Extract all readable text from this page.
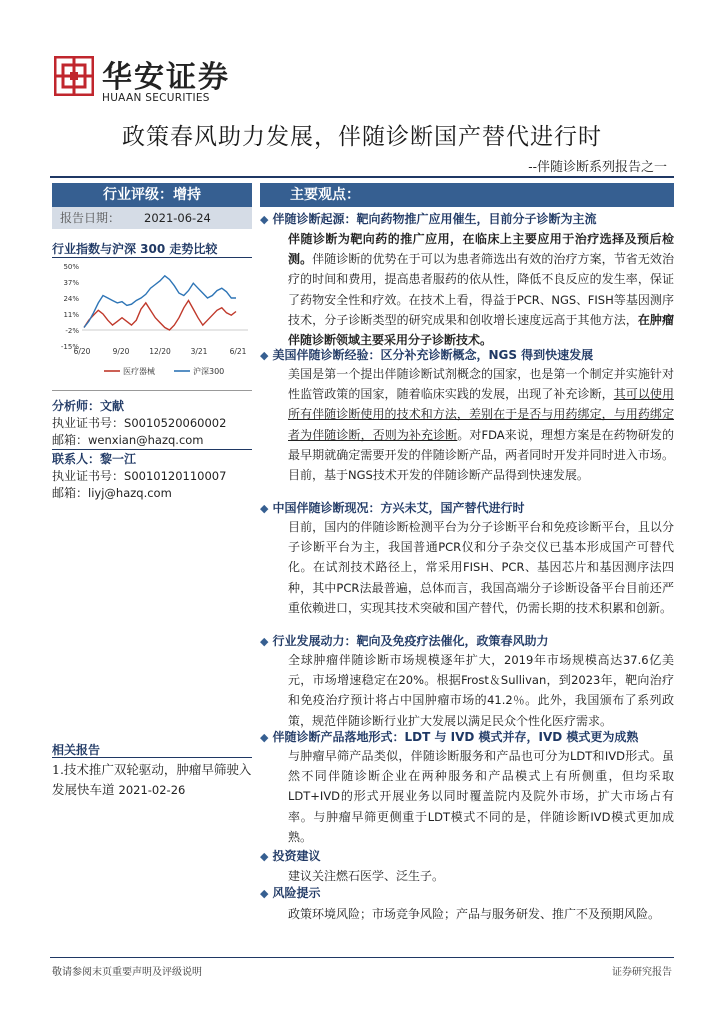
华安证券
HUAAN SECURITIES
政策春风助力发展，伴随诊断国产替代进行时
--伴随诊断系列报告之一
行业评级：增持
报告日期： 2021-06-24
行业指数与沪深 300 走势比较
50%
37%
24%
11%
-2%
-15%
6/20	9/20	12/20	3/21	6/21
医疗器械	沪深300
分析师：文献
执业证书号：S0010520060002
邮箱：wenxian@hazq.com
联系人：黎一江
执业证书号：S0010120110007
邮箱：liyj@hazq.com
相关报告
1.技术推广双轮驱动，肿瘤早筛驶入发展快车道 2021-02-26
主要观点：
◆ 伴随诊断起源：靶向药物推广应用催生，目前分子诊断为主流
伴随诊断为靶向药的推广应用，在临床上主要应用于治疗选择及预后检测。伴随诊断的优势在于可以为患者筛选出有效的治疗方案，节省无效治疗的时间和费用，提高患者服药的依从性，降低不良反应的发生率，保证了药物安全性和疗效。在技术上看，得益于PCR、NGS、FISH等基因测序技术，分子诊断类型的研究成果和创收增长速度远高于其他方法，在肿瘤伴随诊断领域主要采用分子诊断技术。
◆ 美国伴随诊断经验：区分补充诊断概念，NGS 得到快速发展
美国是第一个提出伴随诊断试剂概念的国家，也是第一个制定并实施针对性监管政策的国家，随着临床实践的发展，出现了补充诊断，其可以使用所有伴随诊断使用的技术和方法，差别在于是否与用药绑定，与用药绑定者为伴随诊断，否则为补充诊断。对FDA来说，理想方案是在药物研发的最早期就确定需要开发的伴随诊断产品，两者同时开发并同时进入市场。目前，基于NGS技术开发的伴随诊断产品得到快速发展。
◆ 中国伴随诊断现况：方兴未艾，国产替代进行时
目前，国内的伴随诊断检测平台为分子诊断平台和免疫诊断平台，且以分子诊断平台为主，我国普通PCR仪和分子杂交仪已基本形成国产可替代化。在试剂技术路径上，常采用FISH、PCR、基因芯片和基因测序法四种，其中PCR法最普遍，总体而言，我国高端分子诊断设备平台目前还严重依赖进口，实现其技术突破和国产替代，仍需长期的技术积累和创新。
◆ 行业发展动力：靶向及免疫疗法催化，政策春风助力
全球肿瘤伴随诊断市场规模逐年扩大，2019年市场规模高达37.6亿美元，市场增速稳定在20%。根据Frost＆Sullivan，到2023年，靶向治疗和免疫治疗预计将占中国肿瘤市场的41.2％。此外，我国颁布了系列政策，规范伴随诊断行业扩大发展以满足民众个性化医疗需求。
◆ 伴随诊断产品落地形式：LDT 与 IVD 模式并存，IVD 模式更为成熟
与肿瘤早筛产品类似，伴随诊断服务和产品也可分为LDT和IVD形式。虽然不同伴随诊断企业在两种服务和产品模式上有所侧重，但均采取LDT+IVD的形式开展业务以同时覆盖院内及院外市场，扩大市场占有率。与肿瘤早筛更侧重于LDT模式不同的是，伴随诊断IVD模式更加成熟。
◆ 投资建议
建议关注燃石医学、泛生子。
◆ 风险提示
政策环境风险；市场竞争风险；产品与服务研发、推广不及预期风险。
敬请参阅末页重要声明及评级说明	证券研究报告
